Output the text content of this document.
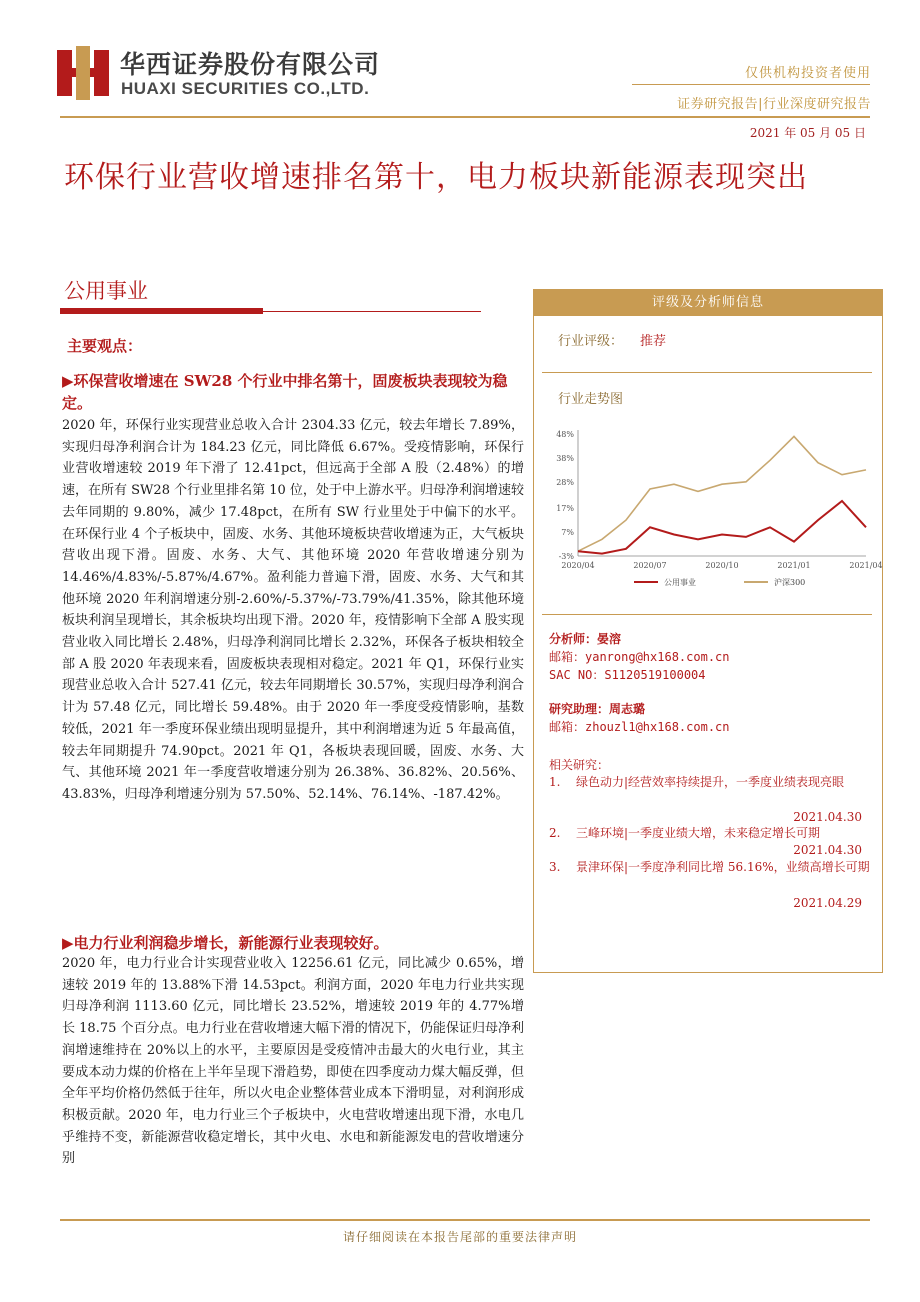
华西证券股份有限公司
HUAXI SECURITIES CO.,LTD.
仅供机构投资者使用
证券研究报告|行业深度研究报告
2021 年 05 月 05 日
环保行业营收增速排名第十，电力板块新能源表现突出
公用事业
主要观点：
▶环保营收增速在 SW28 个行业中排名第十，固废板块表现较为稳定。
2020 年，环保行业实现营业总收入合计 2304.33 亿元，较去年增长 7.89%，实现归母净利润合计为 184.23 亿元，同比降低 6.67%。受疫情影响，环保行业营收增速较 2019 年下滑了 12.41pct，但远高于全部 A 股（2.48%）的增速，在所有 SW28 个行业里排名第 10 位，处于中上游水平。归母净利润增速较去年同期的 9.80%，减少 17.48pct，在所有 SW 行业里处于中偏下的水平。在环保行业 4 个子板块中，固废、水务、其他环境板块营收增速为正，大气板块营收出现下滑。固废、水务、大气、其他环境 2020 年营收增速分别为 14.46%/4.83%/-5.87%/4.67%。盈利能力普遍下滑，固废、水务、大气和其他环境 2020 年利润增速分别-2.60%/-5.37%/-73.79%/41.35%，除其他环境板块利润呈现增长，其余板块均出现下滑。2020 年，疫情影响下全部 A 股实现营业收入同比增长 2.48%，归母净利润同比增长 2.32%，环保各子板块相较全部 A 股 2020 年表现来看，固废板块表现相对稳定。2021 年 Q1，环保行业实现营业总收入合计 527.41 亿元，较去年同期增长 30.57%，实现归母净利润合计为 57.48 亿元，同比增长 59.48%。由于 2020 年一季度受疫情影响，基数较低，2021 年一季度环保业绩出现明显提升，其中利润增速为近 5 年最高值，较去年同期提升 74.90pct。2021 年 Q1，各板块表现回暖，固废、水务、大气、其他环境 2021 年一季度营收增速分别为 26.38%、36.82%、20.56%、43.83%，归母净利增速分别为 57.50%、52.14%、76.14%、-187.42%。
▶电力行业利润稳步增长，新能源行业表现较好。
2020 年，电力行业合计实现营业收入 12256.61 亿元，同比减少 0.65%，增速较 2019 年的 13.88%下滑 14.53pct。利润方面，2020 年电力行业共实现归母净利润 1113.60 亿元，同比增长 23.52%，增速较 2019 年的 4.77%增长 18.75 个百分点。电力行业在营收增速大幅下滑的情况下，仍能保证归母净利润增速维持在 20%以上的水平，主要原因是受疫情冲击最大的火电行业，其主要成本动力煤的价格在上半年呈现下滑趋势，即使在四季度动力煤大幅反弹，但全年平均价格仍然低于往年，所以火电企业整体营业成本下滑明显，对利润形成积极贡献。2020 年，电力行业三个子板块中，火电营收增速出现下滑，水电几乎维持不变，新能源营收稳定增长，其中火电、水电和新能源发电的营收增速分别
评级及分析师信息
行业评级： 推荐
行业走势图
-3%
7%
17%
28%
38%
48%
2020/04	2020/07	2020/10	2021/01	2021/04
公用事业	沪深300
分析师：晏溶
邮箱：yanrong@hx168.com.cn
SAC NO：S1120519100004
研究助理：周志璐
邮箱：zhouzl1@hx168.com.cn
相关研究：
1. 绿色动力|经营效率持续提升，一季度业绩表现亮眼
2021.04.30
2. 三峰环境|一季度业绩大增，未来稳定增长可期
2021.04.30
3. 景津环保|一季度净利同比增 56.16%，业绩高增长可期
2021.04.29
请仔细阅读在本报告尾部的重要法律声明
